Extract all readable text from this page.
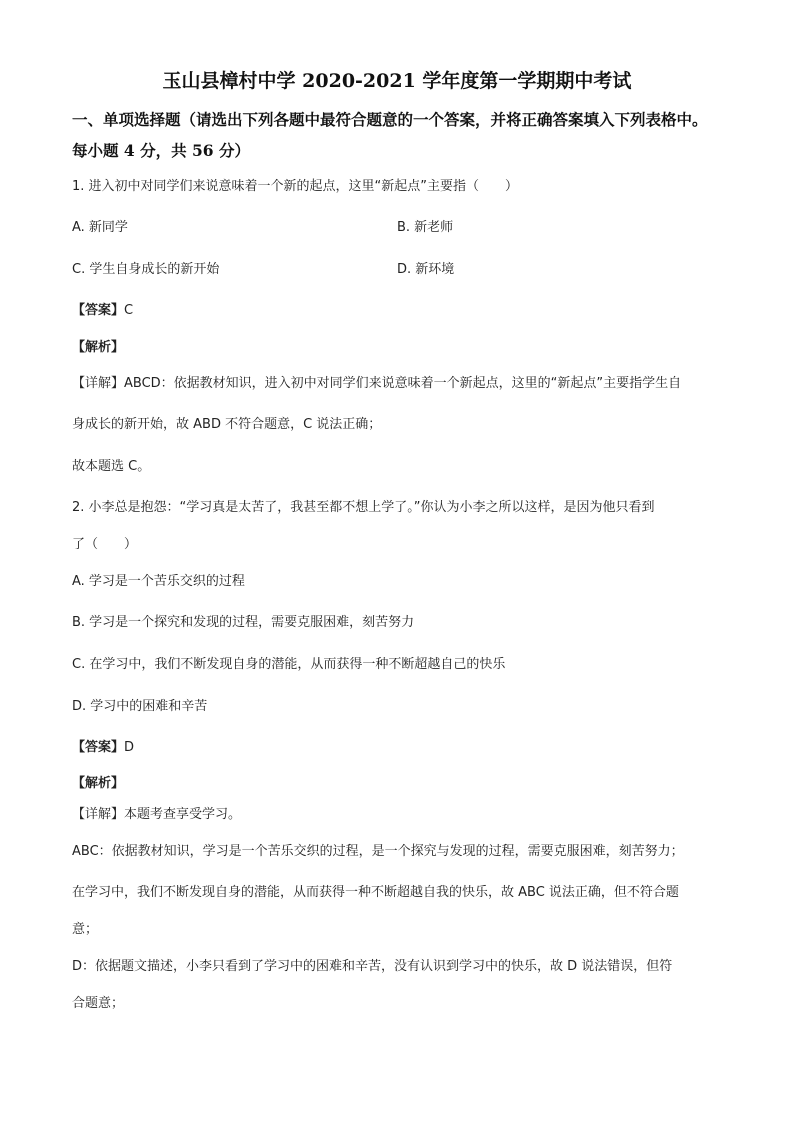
玉山县樟村中学 2020-2021 学年度第一学期期中考试
一、单项选择题（请选出下列各题中最符合题意的一个答案，并将正确答案填入下列表格中。
每小题 4 分，共 56 分）
1. 进入初中对同学们来说意味着一个新的起点，这里“新起点”主要指（　　）
A. 新同学	B. 新老师
C. 学生自身成长的新开始	D. 新环境
【答案】C
【解析】
【详解】ABCD：依据教材知识，进入初中对同学们来说意味着一个新起点，这里的“新起点”主要指学生自
身成长的新开始，故 ABD 不符合题意，C 说法正确；
故本题选 C。
2. 小李总是抱怨：“学习真是太苦了，我甚至都不想上学了。”你认为小李之所以这样，是因为他只看到
了（　　）
A. 学习是一个苦乐交织的过程
B. 学习是一个探究和发现的过程，需要克服困难，刻苦努力
C. 在学习中，我们不断发现自身的潜能，从而获得一种不断超越自己的快乐
D. 学习中的困难和辛苦
【答案】D
【解析】
【详解】本题考查享受学习。
ABC：依据教材知识，学习是一个苦乐交织的过程，是一个探究与发现的过程，需要克服困难，刻苦努力；
在学习中，我们不断发现自身的潜能，从而获得一种不断超越自我的快乐，故 ABC 说法正确，但不符合题
意；
D：依据题文描述，小李只看到了学习中的困难和辛苦，没有认识到学习中的快乐，故 D 说法错误，但符
合题意；
